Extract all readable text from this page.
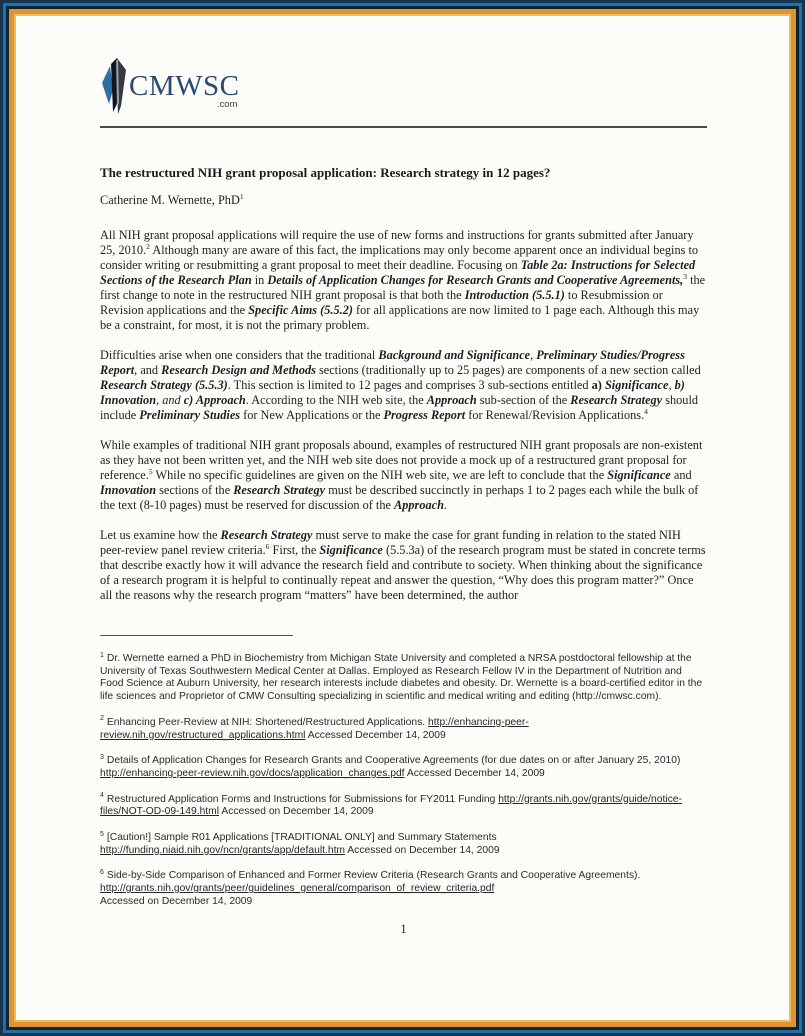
CMWSC
.com
The restructured NIH grant proposal application: Research strategy in 12 pages?
Catherine M. Wernette, PhD$^1$

All NIH grant proposal applications will require the use of new forms and instructions for grants submitted after January 25, 2010.$^2$ Although many are aware of this fact, the implications may only become apparent once an individual begins to consider writing or resubmitting a grant proposal to meet their deadline. Focusing on Table 2a: Instructions for Selected Sections of the Research Plan in Details of Application Changes for Research Grants and Cooperative Agreements,$^3$ the first change to note in the restructured NIH grant proposal is that both the Introduction (5.5.1) to Resubmission or Revision applications and the Specific Aims (5.5.2) for all applications are now limited to 1 page each. Although this may be a constraint, for most, it is not the primary problem.

Difficulties arise when one considers that the traditional Background and Significance, Preliminary Studies/Progress Report, and Research Design and Methods sections (traditionally up to 25 pages) are components of a new section called Research Strategy (5.5.3). This section is limited to 12 pages and comprises 3 sub-sections entitled a) Significance, b) Innovation, and c) Approach. According to the NIH web site, the Approach sub-section of the Research Strategy should include Preliminary Studies for New Applications or the Progress Report for Renewal/Revision Applications.$^4$

While examples of traditional NIH grant proposals abound, examples of restructured NIH grant proposals are non-existent as they have not been written yet, and the NIH web site does not provide a mock up of a restructured grant proposal for reference.$^5$ While no specific guidelines are given on the NIH web site, we are left to conclude that the Significance and Innovation sections of the Research Strategy must be described succinctly in perhaps 1 to 2 pages each while the bulk of the text (8-10 pages) must be reserved for discussion of the Approach.

Let us examine how the Research Strategy must serve to make the case for grant funding in relation to the stated NIH peer-review panel review criteria.$^6$ First, the Significance (5.5.3a) of the research program must be stated in concrete terms that describe exactly how it will advance the research field and contribute to society. When thinking about the significance of a research program it is helpful to continually repeat and answer the question, “Why does this program matter?” Once all the reasons why the research program “matters” have been determined, the author

$^1$ Dr. Wernette earned a PhD in Biochemistry from Michigan State University and completed a NRSA postdoctoral fellowship at the University of Texas Southwestern Medical Center at Dallas. Employed as Research Fellow IV in the Department of Nutrition and Food Science at Auburn University, her research interests include diabetes and obesity. Dr. Wernette is a board-certified editor in the life sciences and Proprietor of CMW Consulting specializing in scientific and medical writing and editing (http://cmwsc.com).
$^2$ Enhancing Peer-Review at NIH: Shortened/Restructured Applications. http://enhancing-peer-review.nih.gov/restructured_applications.html Accessed December 14, 2009
$^3$ Details of Application Changes for Research Grants and Cooperative Agreements (for due dates on or after January 25, 2010) http://enhancing-peer-review.nih.gov/docs/application_changes.pdf Accessed December 14, 2009
$^4$ Restructured Application Forms and Instructions for Submissions for FY2011 Funding http://grants.nih.gov/grants/guide/notice-files/NOT-OD-09-149.html Accessed on December 14, 2009
$^5$ [Caution!] Sample R01 Applications [TRADITIONAL ONLY] and Summary Statements http://funding.niaid.nih.gov/ncn/grants/app/default.htm Accessed on December 14, 2009
$^6$ Side-by-Side Comparison of Enhanced and Former Review Criteria (Research Grants and Cooperative Agreements). http://grants.nih.gov/grants/peer/guidelines_general/comparison_of_review_criteria.pdf
Accessed on December 14, 2009
1
